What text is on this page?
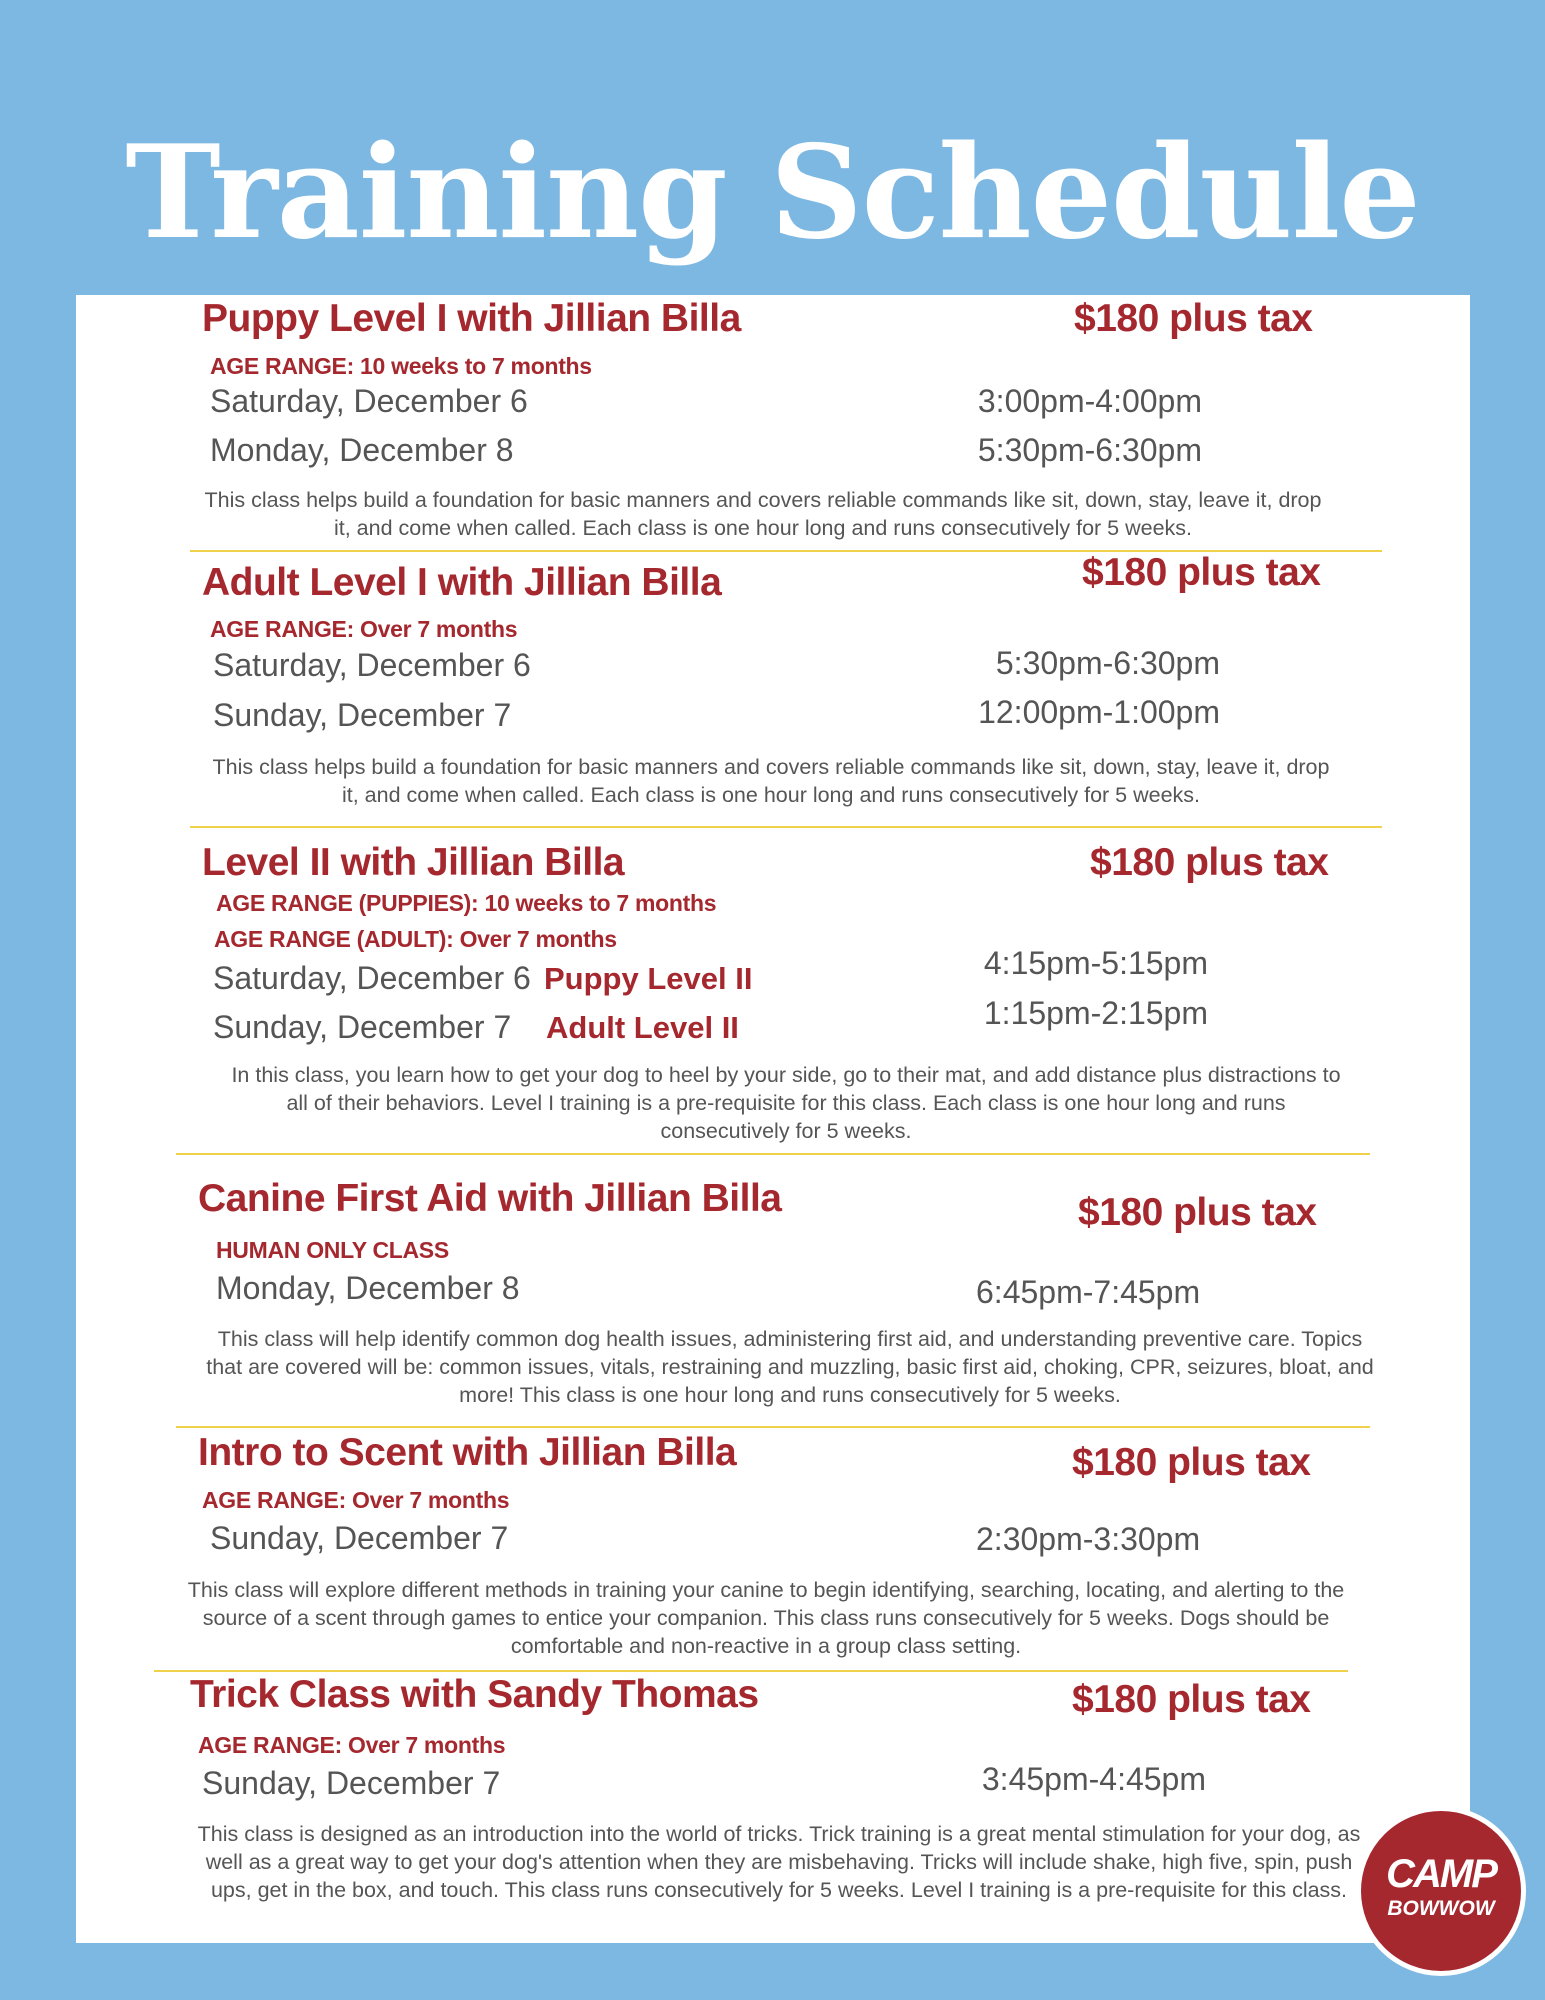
Training Schedule
Puppy Level I with Jillian Billa	$180 plus tax
AGE RANGE: 10 weeks to 7 months
Saturday, December 6	3:00pm-4:00pm
Monday, December 8	5:30pm-6:30pm
This class helps build a foundation for basic manners and covers reliable commands like sit, down, stay, leave it, drop it, and come when called. Each class is one hour long and runs consecutively for 5 weeks.
Adult Level I with Jillian Billa	$180 plus tax
AGE RANGE: Over 7 months
Saturday, December 6	5:30pm-6:30pm
Sunday, December 7	12:00pm-1:00pm
This class helps build a foundation for basic manners and covers reliable commands like sit, down, stay, leave it, drop it, and come when called. Each class is one hour long and runs consecutively for 5 weeks.
Level II with Jillian Billa	$180 plus tax
AGE RANGE (PUPPIES): 10 weeks to 7 months
AGE RANGE (ADULT): Over 7 months
Saturday, December 6 Puppy Level II	4:15pm-5:15pm
Sunday, December 7 Adult Level II	1:15pm-2:15pm
In this class, you learn how to get your dog to heel by your side, go to their mat, and add distance plus distractions to all of their behaviors. Level I training is a pre-requisite for this class. Each class is one hour long and runs consecutively for 5 weeks.
Canine First Aid with Jillian Billa	$180 plus tax
HUMAN ONLY CLASS
Monday, December 8	6:45pm-7:45pm
This class will help identify common dog health issues, administering first aid, and understanding preventive care. Topics that are covered will be: common issues, vitals, restraining and muzzling, basic first aid, choking, CPR, seizures, bloat, and more! This class is one hour long and runs consecutively for 5 weeks.
Intro to Scent with Jillian Billa	$180 plus tax
AGE RANGE: Over 7 months
Sunday, December 7	2:30pm-3:30pm
This class will explore different methods in training your canine to begin identifying, searching, locating, and alerting to the source of a scent through games to entice your companion. This class runs consecutively for 5 weeks. Dogs should be comfortable and non-reactive in a group class setting.
Trick Class with Sandy Thomas	$180 plus tax
AGE RANGE: Over 7 months
Sunday, December 7	3:45pm-4:45pm
This class is designed as an introduction into the world of tricks. Trick training is a great mental stimulation for your dog, as well as a great way to get your dog's attention when they are misbehaving. Tricks will include shake, high five, spin, push ups, get in the box, and touch. This class runs consecutively for 5 weeks. Level I training is a pre-requisite for this class. CAMP
BOWWOW
